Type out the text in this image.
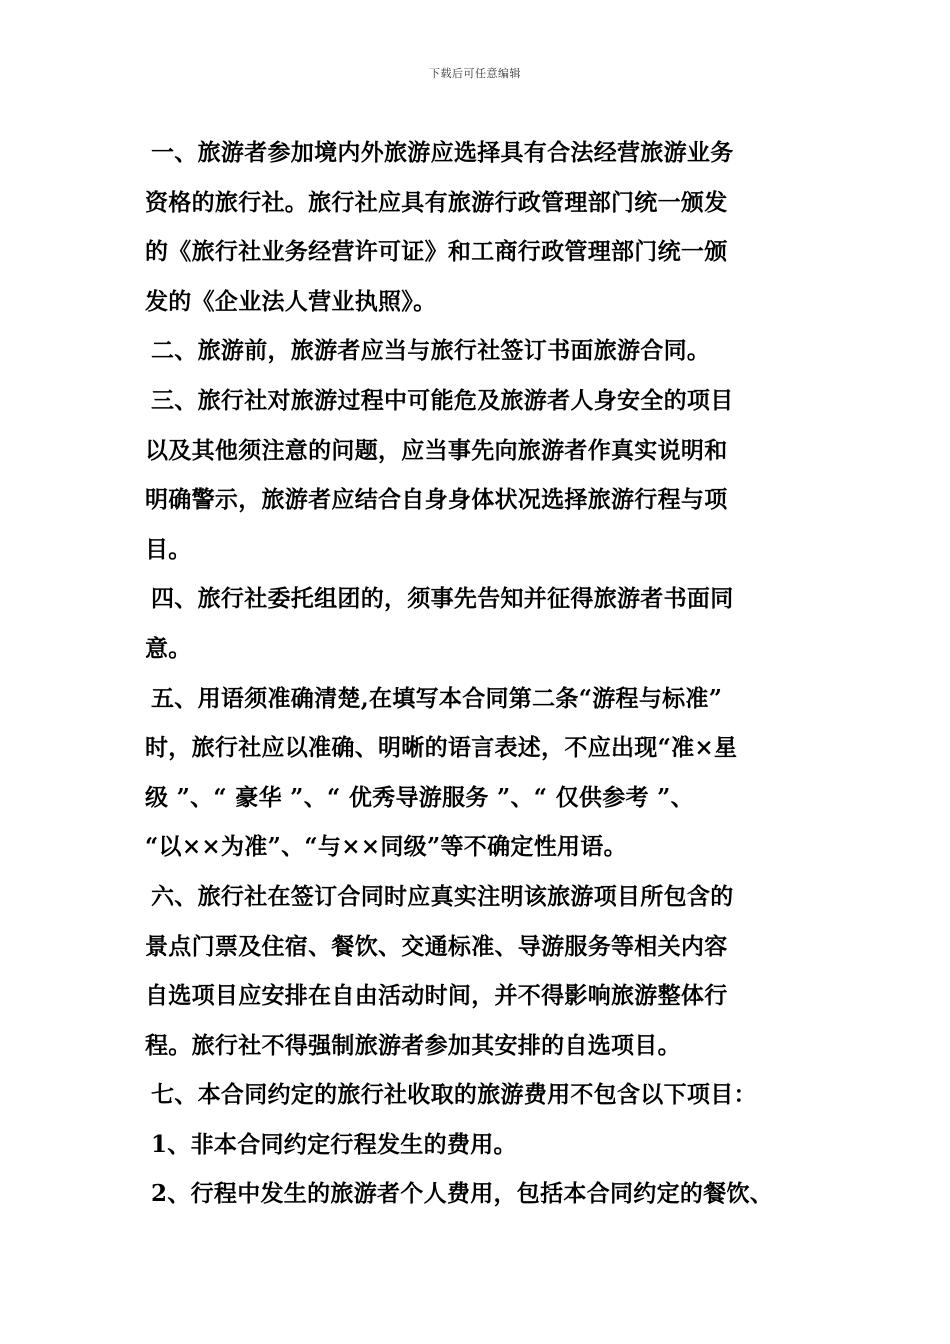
下载后可任意编辑
一、旅游者参加境内外旅游应选择具有合法经营旅游业务
资格的旅行社。旅行社应具有旅游行政管理部门统一颁发
的《旅行社业务经营许可证》和工商行政管理部门统一颁
发的《企业法人营业执照》。
二、旅游前，旅游者应当与旅行社签订书面旅游合同。
三、旅行社对旅游过程中可能危及旅游者人身安全的项目
以及其他须注意的问题，应当事先向旅游者作真实说明和
明确警示，旅游者应结合自身身体状况选择旅游行程与项
目。
四、旅行社委托组团的，须事先告知并征得旅游者书面同
意。
五、用语须准确清楚,在填写本合同第二条“游程与标准”
时，旅行社应以准确、明晰的语言表述，不应出现“准×星
级 ”、“ 豪华 ”、“ 优秀导游服务 ”、“ 仅供参考 ”、
“以××为准”、“与××同级”等不确定性用语。
六、旅行社在签订合同时应真实注明该旅游项目所包含的
景点门票及住宿、餐饮、交通标准、导游服务等相关内容
自选项目应安排在自由活动时间，并不得影响旅游整体行
程。旅行社不得强制旅游者参加其安排的自选项目。
七、本合同约定的旅行社收取的旅游费用不包含以下项目：
1、非本合同约定行程发生的费用。
2、行程中发生的旅游者个人费用，包括本合同约定的餐饮、
